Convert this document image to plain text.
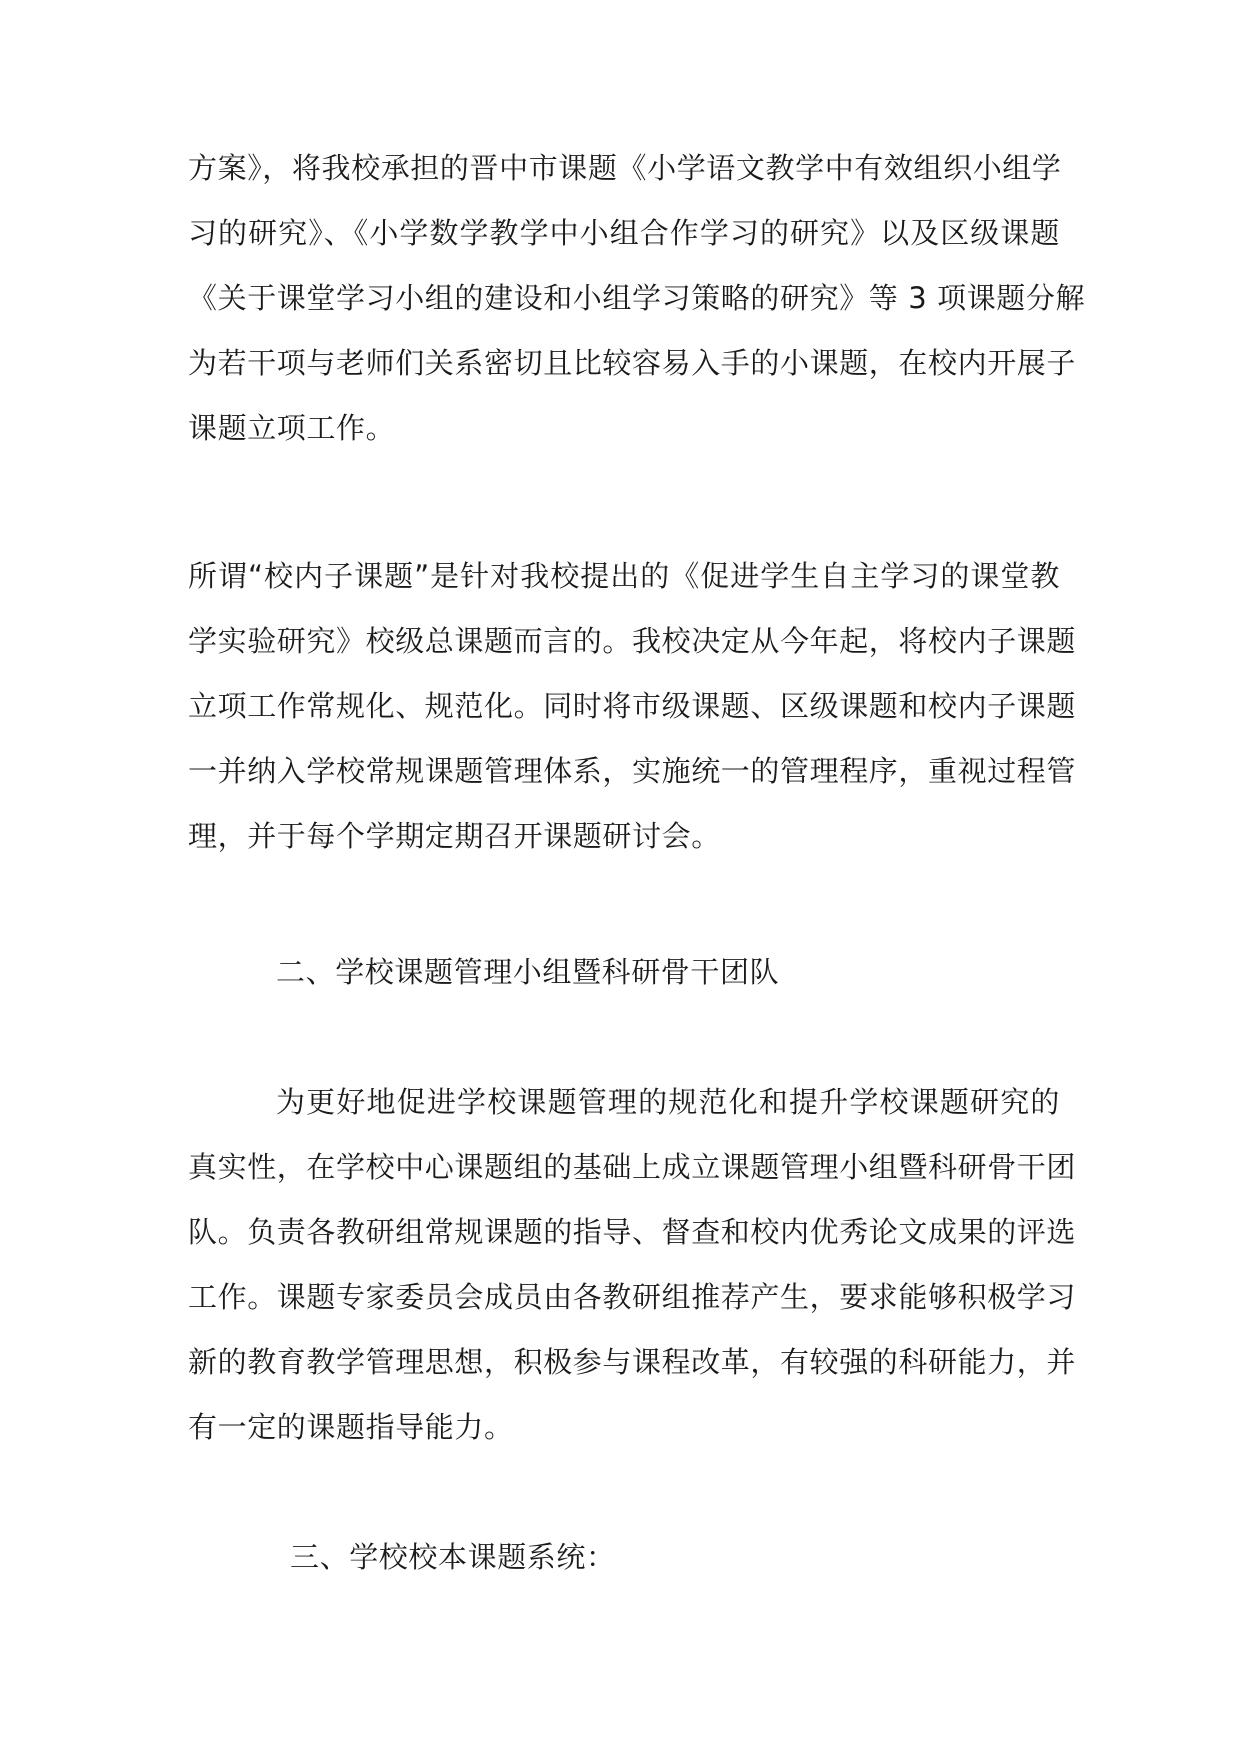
方案》，将我校承担的晋中市课题《小学语文教学中有效组织小组学
习的研究》、《小学数学教学中小组合作学习的研究》以及区级课题
《关于课堂学习小组的建设和小组学习策略的研究》等 3 项课题分解
为若干项与老师们关系密切且比较容易入手的小课题，在校内开展子
课题立项工作。
所谓“校内子课题”是针对我校提出的《促进学生自主学习的课堂教
学实验研究》校级总课题而言的。我校决定从今年起，将校内子课题
立项工作常规化、规范化。同时将市级课题、区级课题和校内子课题
一并纳入学校常规课题管理体系，实施统一的管理程序，重视过程管
理，并于每个学期定期召开课题研讨会。
二、学校课题管理小组暨科研骨干团队
为更好地促进学校课题管理的规范化和提升学校课题研究的
真实性，在学校中心课题组的基础上成立课题管理小组暨科研骨干团
队。负责各教研组常规课题的指导、督查和校内优秀论文成果的评选
工作。课题专家委员会成员由各教研组推荐产生，要求能够积极学习
新的教育教学管理思想，积极参与课程改革，有较强的科研能力，并
有一定的课题指导能力。
三、学校校本课题系统：
